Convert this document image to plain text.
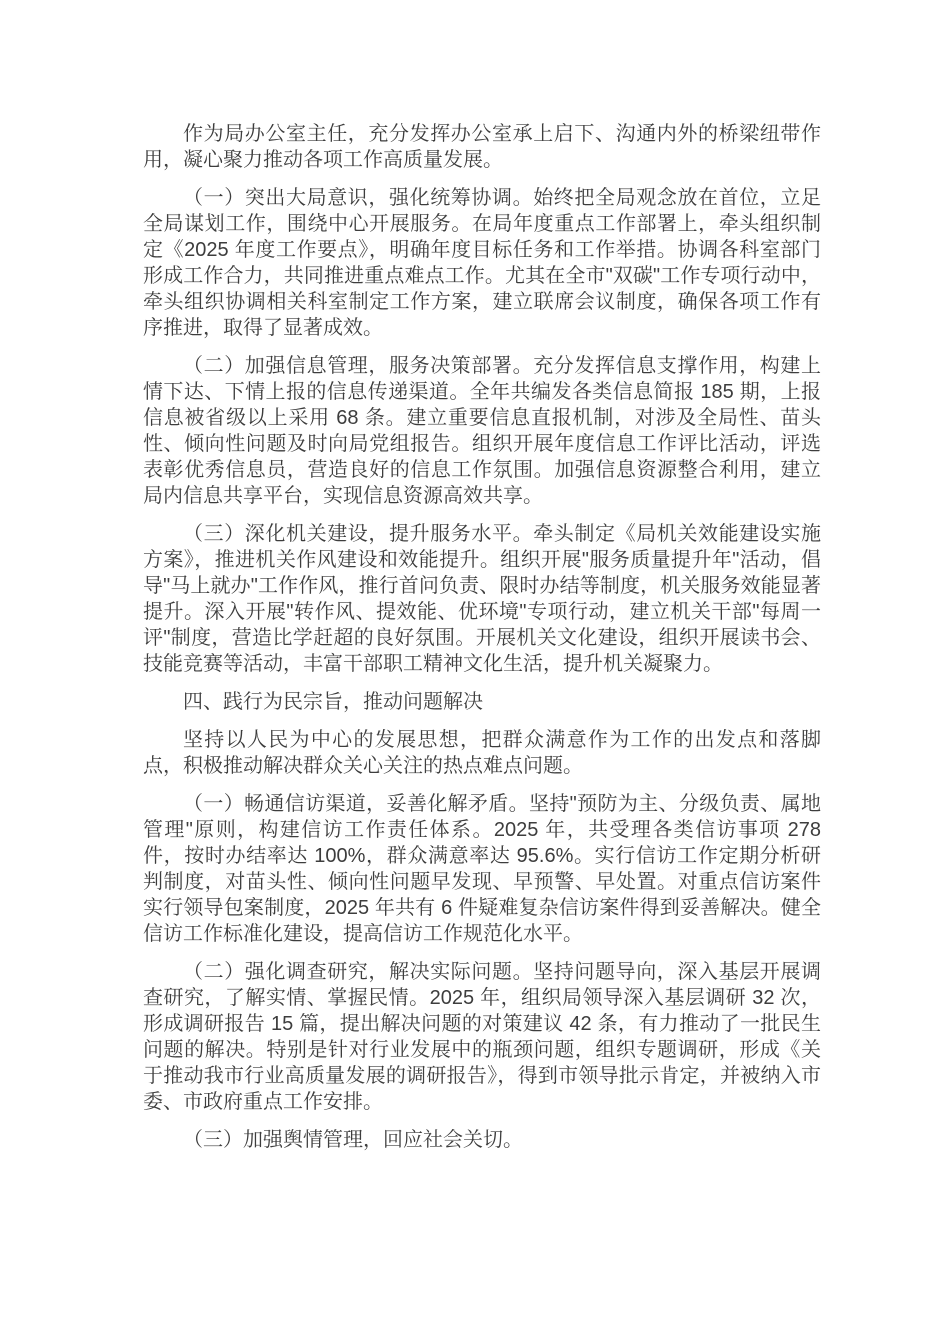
作为局办公室主任，充分发挥办公室承上启下、沟通内外的桥梁纽带作用，凝心聚力推动各项工作高质量发展。

（一）突出大局意识，强化统筹协调。始终把全局观念放在首位，立足全局谋划工作，围绕中心开展服务。在局年度重点工作部署上，牵头组织制定《2025 年度工作要点》，明确年度目标任务和工作举措。协调各科室部门形成工作合力，共同推进重点难点工作。尤其在全市"双碳"工作专项行动中，牵头组织协调相关科室制定工作方案，建立联席会议制度，确保各项工作有序推进，取得了显著成效。

（二）加强信息管理，服务决策部署。充分发挥信息支撑作用，构建上情下达、下情上报的信息传递渠道。全年共编发各类信息简报 185 期，上报信息被省级以上采用 68 条。建立重要信息直报机制，对涉及全局性、苗头性、倾向性问题及时向局党组报告。组织开展年度信息工作评比活动，评选表彰优秀信息员，营造良好的信息工作氛围。加强信息资源整合利用，建立局内信息共享平台，实现信息资源高效共享。

（三）深化机关建设，提升服务水平。牵头制定《局机关效能建设实施方案》，推进机关作风建设和效能提升。组织开展"服务质量提升年"活动，倡导"马上就办"工作作风，推行首问负责、限时办结等制度，机关服务效能显著提升。深入开展"转作风、提效能、优环境"专项行动，建立机关干部"每周一评"制度，营造比学赶超的良好氛围。开展机关文化建设，组织开展读书会、技能竞赛等活动，丰富干部职工精神文化生活，提升机关凝聚力。

四、践行为民宗旨，推动问题解决

坚持以人民为中心的发展思想，把群众满意作为工作的出发点和落脚点，积极推动解决群众关心关注的热点难点问题。

（一）畅通信访渠道，妥善化解矛盾。坚持"预防为主、分级负责、属地管理"原则，构建信访工作责任体系。2025 年，共受理各类信访事项 278 件，按时办结率达 100%，群众满意率达 95.6%。实行信访工作定期分析研判制度，对苗头性、倾向性问题早发现、早预警、早处置。对重点信访案件实行领导包案制度，2025 年共有 6 件疑难复杂信访案件得到妥善解决。健全信访工作标准化建设，提高信访工作规范化水平。

（二）强化调查研究，解决实际问题。坚持问题导向，深入基层开展调查研究，了解实情、掌握民情。2025 年，组织局领导深入基层调研 32 次，形成调研报告 15 篇，提出解决问题的对策建议 42 条，有力推动了一批民生问题的解决。特别是针对行业发展中的瓶颈问题，组织专题调研，形成《关于推动我市行业高质量发展的调研报告》，得到市领导批示肯定，并被纳入市委、市政府重点工作安排。

（三）加强舆情管理，回应社会关切。
